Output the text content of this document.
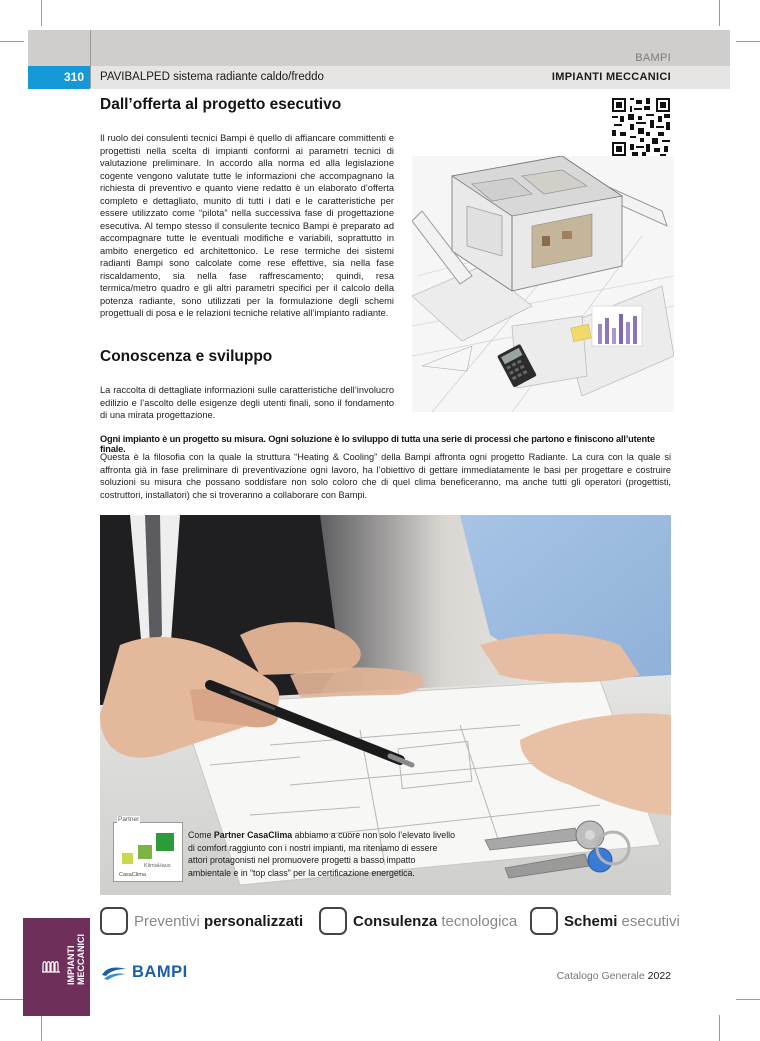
BAMPI
310	PAVIBALPED sistema radiante caldo/freddo	IMPIANTI MECCANICI
Dall’offerta al progetto esecutivo

Il ruolo dei consulenti tecnici Bampi è quello di affiancare committenti e progettisti nella scelta di impianti conformi ai parametri tecnici di valutazione preliminare. In accordo alla norma ed alla legislazione cogente vengono valutate tutte le informazioni che accompagnano la richiesta di preventivo e quanto viene redatto è un elaborato d’offerta completo e dettagliato, munito di tutti i dati e le caratteristiche per essere utilizzato come “pilota” nella successiva fase di progettazione esecutiva. Al tempo stesso il consulente tecnico Bampi è preparato ad accompagnare tutte le eventuali modifiche e variabili, soprattutto in ambito energetico ed architettonico. Le rese termiche dei sistemi radianti Bampi sono calcolate come rese effettive, sia nella fase riscaldamento, sia nella fase raffrescamento; quindi, resa termica/metro quadro e gli altri parametri specifici per il calcolo della potenza radiante, sono utilizzati per la formulazione degli schemi progettuali di posa e le relazioni tecniche relative all’impianto radiante.

Conoscenza e sviluppo

La raccolta di dettagliate informazioni sulle caratteristiche dell’involucro edilizio e l’ascolto delle esigenze degli utenti finali, sono il fondamento di una mirata progettazione.

Ogni impianto è un progetto su misura. Ogni soluzione è lo sviluppo di tutta una serie di processi che partono e finiscono all’utente finale.

Questa è la filosofia con la quale la struttura “Heating & Cooling” della Bampi affronta ogni progetto Radiante. La cura con la quale si affronta già in fase preliminare di preventivazione ogni lavoro, ha l’obiettivo di gettare immediatamente le basi per progettare e costruire soluzioni su misura che possano soddisfare non solo coloro che di quel clima beneficeranno, ma anche tutti gli operatori (progettisti, costruttori, installatori) che si troveranno a collaborare con Bampi.

Partner
KlimaHaus
CasaClima
Come Partner CasaClima abbiamo a cuore non solo l’elevato livello di comfort raggiunto con i nostri impianti, ma riteniamo di essere attori protagonisti nel promuovere progetti a basso impatto ambientale e in “top class” per la certificazione energetica.
Preventivi personalizzati	Consulenza tecnologica	Schemi esecutivi
IMPIANTI
MECCANICI	BAMPI	Catalogo Generale 2022
